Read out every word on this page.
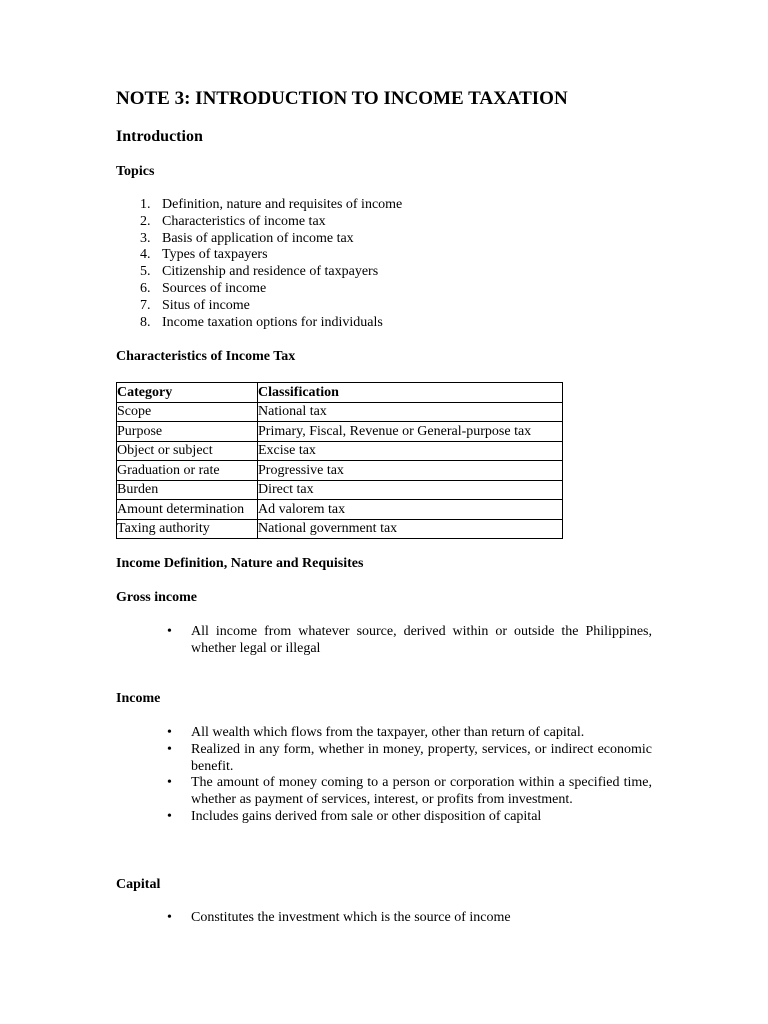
NOTE 3: INTRODUCTION TO INCOME TAXATION
Introduction
Topics
1. Definition, nature and requisites of income
2. Characteristics of income tax
3. Basis of application of income tax
4. Types of taxpayers
5. Citizenship and residence of taxpayers
6. Sources of income
7. Situs of income
8. Income taxation options for individuals
Characteristics of Income Tax
Category	Classification
Scope	National tax
Purpose	Primary, Fiscal, Revenue or General-purpose tax
Object or subject	Excise tax
Graduation or rate	Progressive tax
Burden	Direct tax
Amount determination	Ad valorem tax
Taxing authority	National government tax
Income Definition, Nature and Requisites
Gross income
• All income from whatever source, derived within or outside the Philippines, whether legal or illegal
Income
• All wealth which flows from the taxpayer, other than return of capital.
• Realized in any form, whether in money, property, services, or indirect economic benefit.
• The amount of money coming to a person or corporation within a specified time, whether as payment of services, interest, or profits from investment.
• Includes gains derived from sale or other disposition of capital
Capital
• Constitutes the investment which is the source of income
